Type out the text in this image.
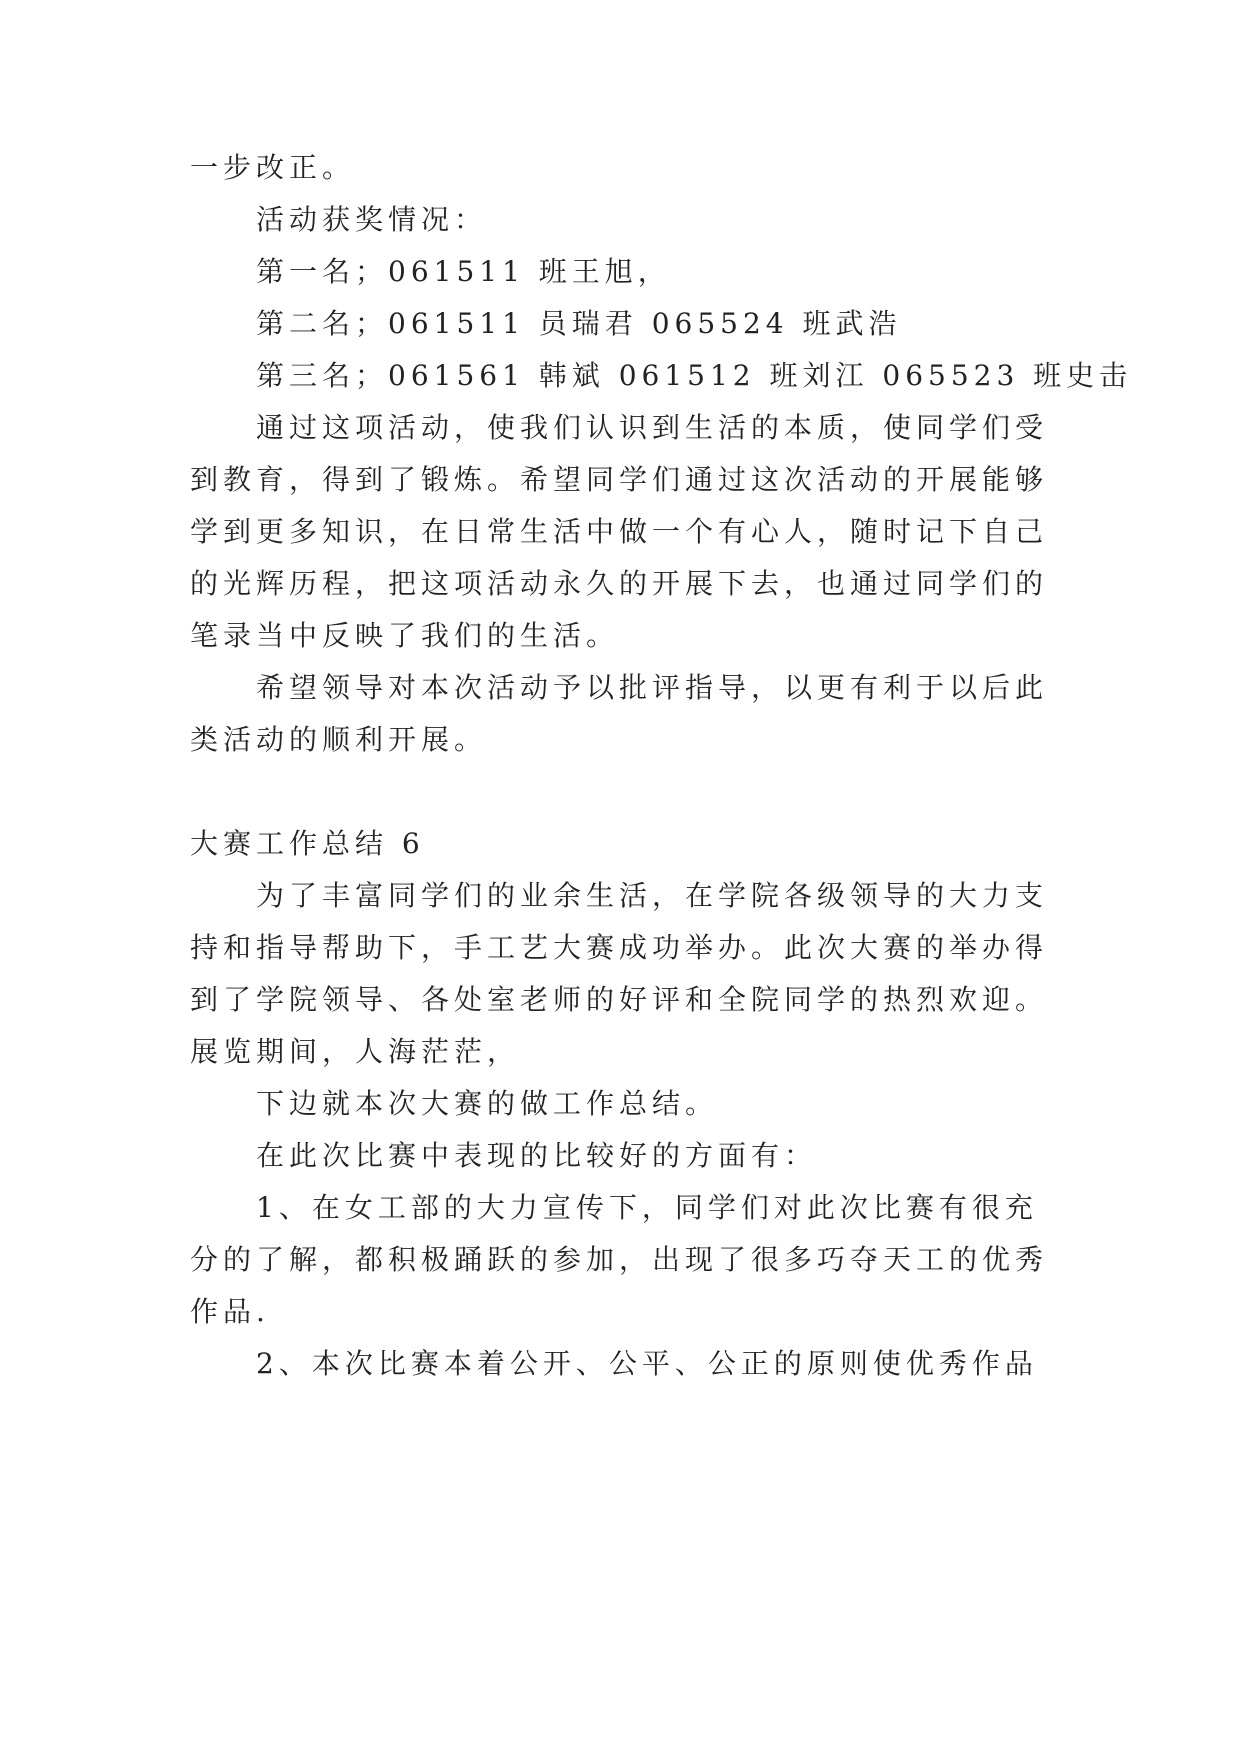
一步改正。
活动获奖情况：
第一名；061511 班王旭，
第二名；061511 员瑞君 065524 班武浩
第三名；061561 韩斌 061512 班刘江 065523 班史击
通过这项活动，使我们认识到生活的本质，使同学们受
到教育，得到了锻炼。希望同学们通过这次活动的开展能够
学到更多知识，在日常生活中做一个有心人，随时记下自己
的光辉历程，把这项活动永久的开展下去，也通过同学们的
笔录当中反映了我们的生活。
希望领导对本次活动予以批评指导，以更有利于以后此
类活动的顺利开展。
大赛工作总结 6
为了丰富同学们的业余生活，在学院各级领导的大力支
持和指导帮助下，手工艺大赛成功举办。此次大赛的举办得
到了学院领导、各处室老师的好评和全院同学的热烈欢迎。
展览期间，人海茫茫，
下边就本次大赛的做工作总结。
在此次比赛中表现的比较好的方面有：
1、在女工部的大力宣传下，同学们对此次比赛有很充
分的了解，都积极踊跃的参加，出现了很多巧夺天工的优秀
作品.
2、本次比赛本着公开、公平、公正的原则使优秀作品
